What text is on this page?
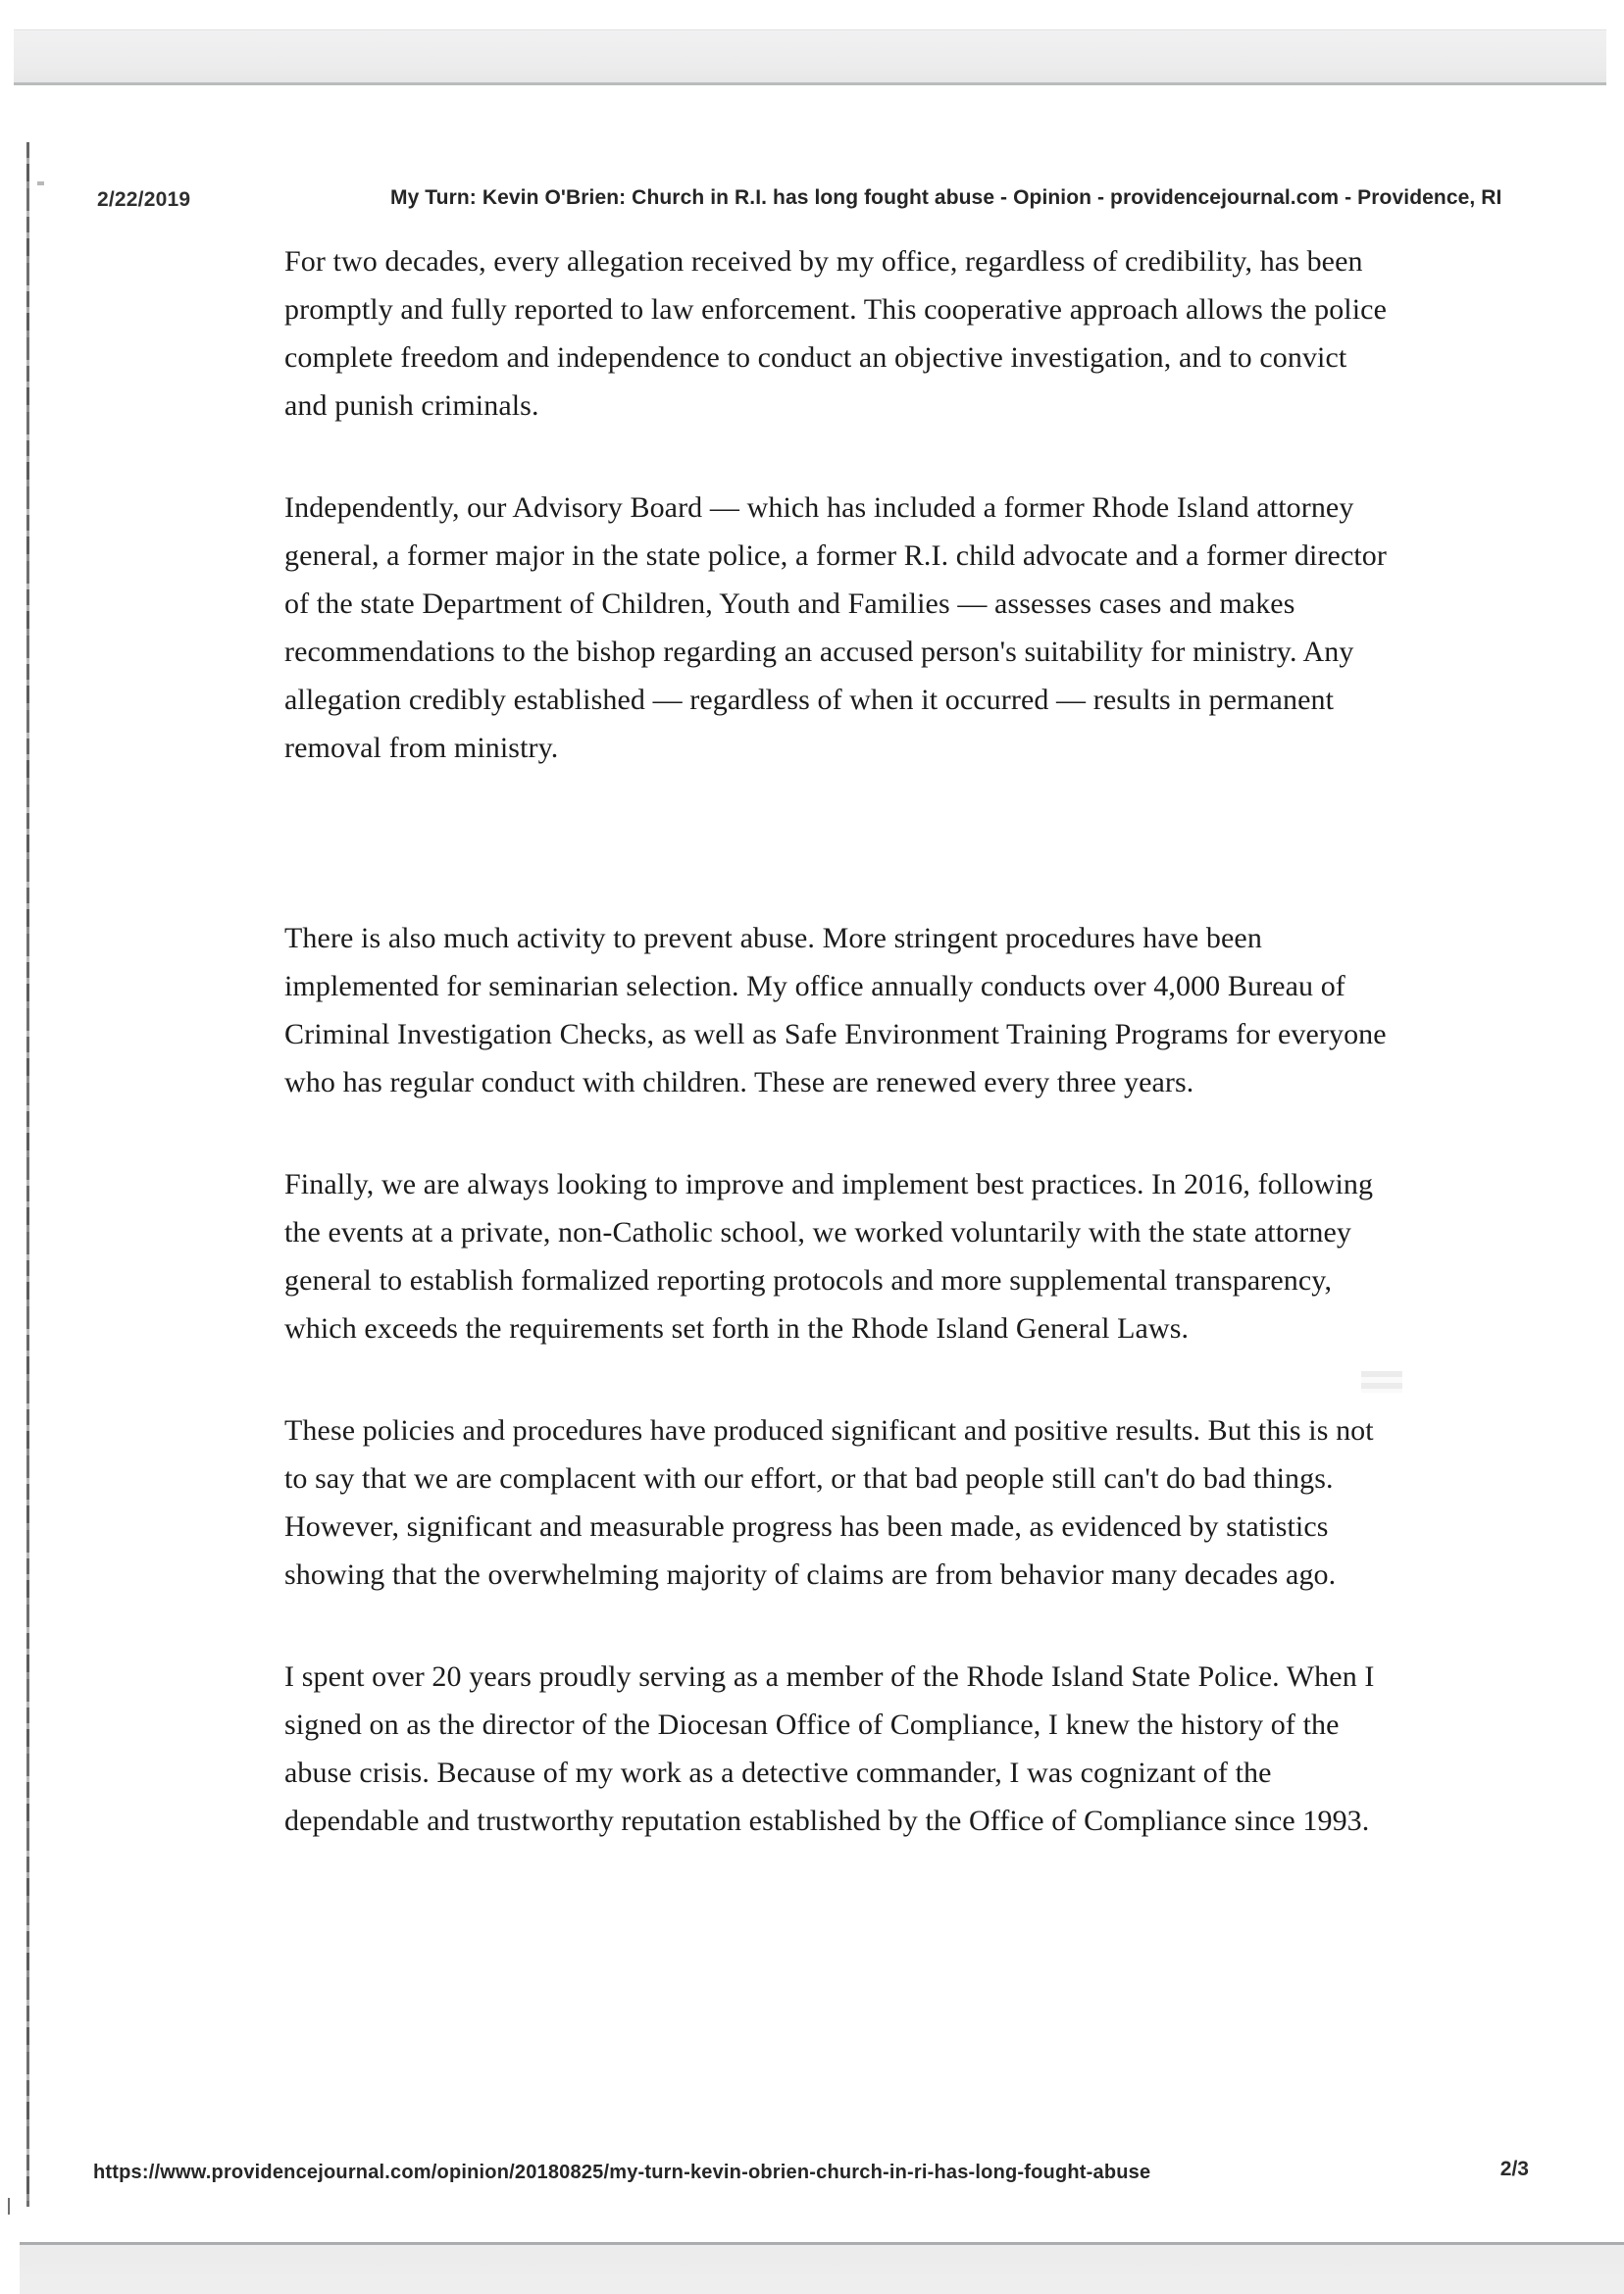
2/22/2019	My Turn: Kevin O'Brien: Church in R.I. has long fought abuse - Opinion - providencejournal.com - Providence, RI

For two decades, every allegation received by my office, regardless of credibility, has been promptly and fully reported to law enforcement. This cooperative approach allows the police complete freedom and independence to conduct an objective investigation, and to convict and punish criminals.

Independently, our Advisory Board — which has included a former Rhode Island attorney general, a former major in the state police, a former R.I. child advocate and a former director of the state Department of Children, Youth and Families — assesses cases and makes recommendations to the bishop regarding an accused person's suitability for ministry. Any allegation credibly established — regardless of when it occurred — results in permanent removal from ministry.

There is also much activity to prevent abuse. More stringent procedures have been implemented for seminarian selection. My office annually conducts over 4,000 Bureau of Criminal Investigation Checks, as well as Safe Environment Training Programs for everyone who has regular conduct with children. These are renewed every three years.

Finally, we are always looking to improve and implement best practices. In 2016, following the events at a private, non-Catholic school, we worked voluntarily with the state attorney general to establish formalized reporting protocols and more supplemental transparency, which exceeds the requirements set forth in the Rhode Island General Laws.

These policies and procedures have produced significant and positive results. But this is not to say that we are complacent with our effort, or that bad people still can't do bad things. However, significant and measurable progress has been made, as evidenced by statistics showing that the overwhelming majority of claims are from behavior many decades ago.

I spent over 20 years proudly serving as a member of the Rhode Island State Police. When I signed on as the director of the Diocesan Office of Compliance, I knew the history of the abuse crisis. Because of my work as a detective commander, I was cognizant of the dependable and trustworthy reputation established by the Office of Compliance since 1993.

https://www.providencejournal.com/opinion/20180825/my-turn-kevin-obrien-church-in-ri-has-long-fought-abuse	2/3
